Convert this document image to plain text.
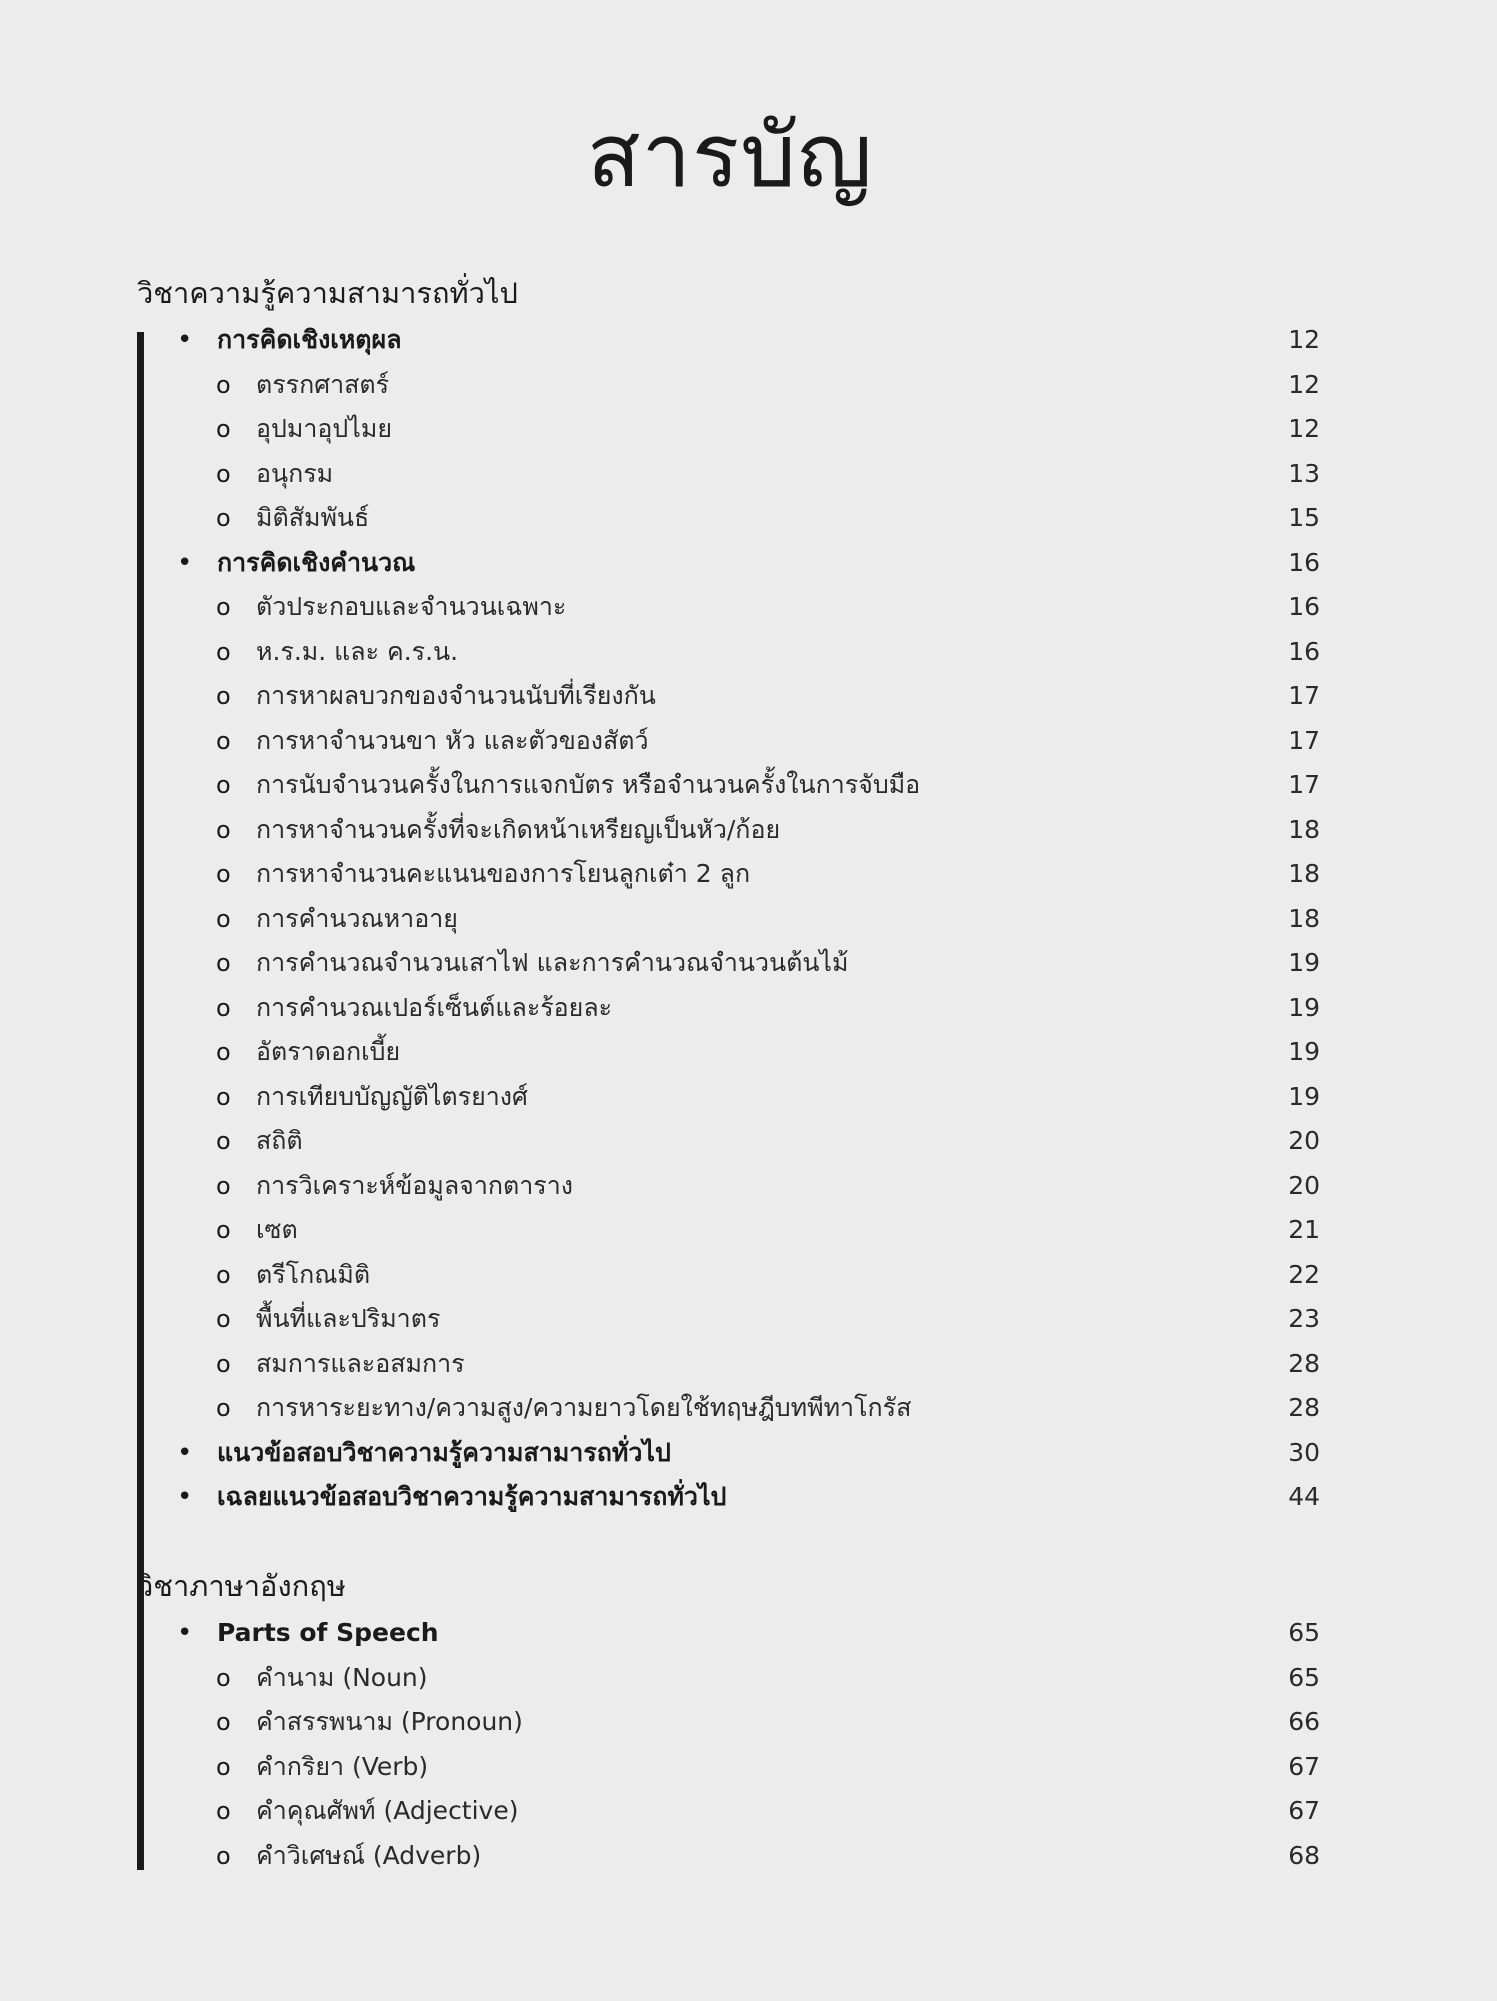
สารบัญ
วิชาความรู้ความสามารถทั่วไป
• การคิดเชิงเหตุผล	12
o ตรรกศาสตร์	12
o อุปมาอุปไมย	12
o อนุกรม	13
o มิติสัมพันธ์	15
• การคิดเชิงคำนวณ	16
o ตัวประกอบและจำนวนเฉพาะ	16
o ห.ร.ม. และ ค.ร.น.	16
o การหาผลบวกของจำนวนนับที่เรียงกัน	17
o การหาจำนวนขา หัว และตัวของสัตว์	17
o การนับจำนวนครั้งในการแจกบัตร หรือจำนวนครั้งในการจับมือ	17
o การหาจำนวนครั้งที่จะเกิดหน้าเหรียญเป็นหัว/ก้อย	18
o การหาจำนวนคะแนนของการโยนลูกเต๋า 2 ลูก	18
o การคำนวณหาอายุ	18
o การคำนวณจำนวนเสาไฟ และการคำนวณจำนวนต้นไม้	19
o การคำนวณเปอร์เซ็นต์และร้อยละ	19
o อัตราดอกเบี้ย	19
o การเทียบบัญญัติไตรยางศ์	19
o สถิติ	20
o การวิเคราะห์ข้อมูลจากตาราง	20
o เซต	21
o ตรีโกณมิติ	22
o พื้นที่และปริมาตร	23
o สมการและอสมการ	28
o การหาระยะทาง/ความสูง/ความยาวโดยใช้ทฤษฎีบทพีทาโกรัส	28
• แนวข้อสอบวิชาความรู้ความสามารถทั่วไป	30
• เฉลยแนวข้อสอบวิชาความรู้ความสามารถทั่วไป	44
วิชาภาษาอังกฤษ
• Parts of Speech	65
o คำนาม (Noun)	65
o คำสรรพนาม (Pronoun)	66
o คำกริยา (Verb)	67
o คำคุณศัพท์ (Adjective)	67
o คำวิเศษณ์ (Adverb)	68
